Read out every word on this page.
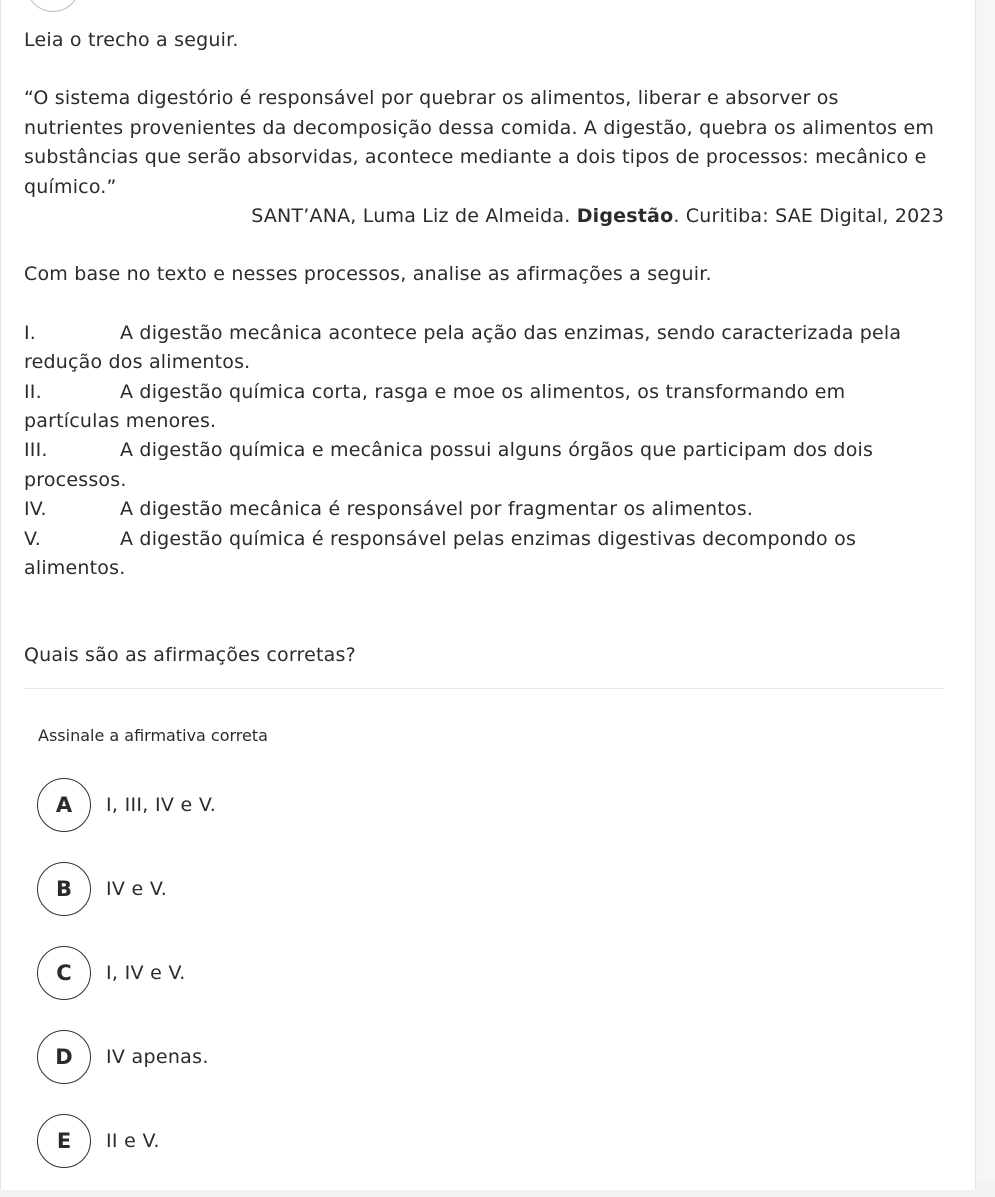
Leia o trecho a seguir.

“O sistema digestório é responsável por quebrar os alimentos, liberar e absorver os nutrientes provenientes da decomposição dessa comida. A digestão, quebra os alimentos em substâncias que serão absorvidas, acontece mediante a dois tipos de processos: mecânico e químico.”

SANT’ANA, Luma Liz de Almeida. Digestão. Curitiba: SAE Digital, 2023

Com base no texto e nesses processos, analise as afirmações a seguir.

I.	A digestão mecânica acontece pela ação das enzimas, sendo caracterizada pela redução dos alimentos.

II.	A digestão química corta, rasga e moe os alimentos, os transformando em partículas menores.

III.	A digestão química e mecânica possui alguns órgãos que participam dos dois processos.

IV.	A digestão mecânica é responsável por fragmentar os alimentos.

V.	A digestão química é responsável pelas enzimas digestivas decompondo os alimentos.

Quais são as afirmações corretas?
Assinale a afirmativa correta
A	I, III, IV e V.
B	IV e V.
C	I, IV e V.
D	IV apenas.
E	II e V.
